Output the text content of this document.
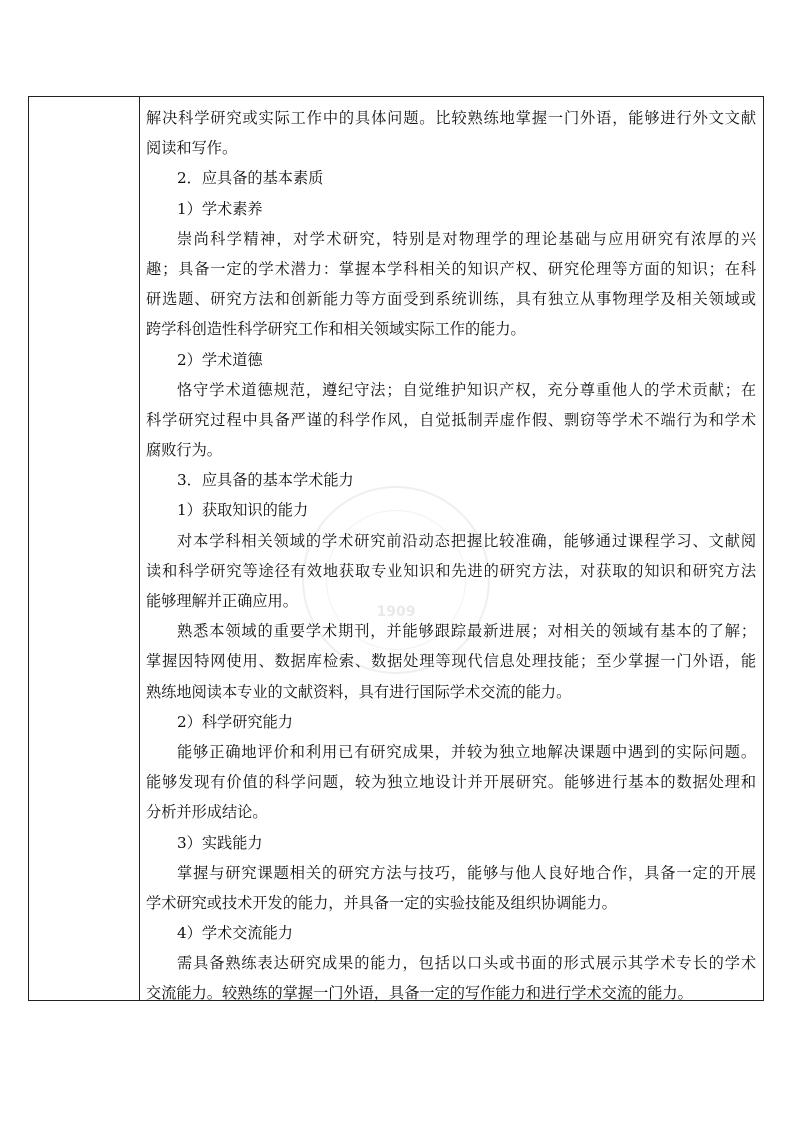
解决科学研究或实际工作中的具体问题。比较熟练地掌握一门外语，能够进行外文文献
阅读和写作。
2．应具备的基本素质
1）学术素养
崇尚科学精神，对学术研究，特别是对物理学的理论基础与应用研究有浓厚的兴
趣；具备一定的学术潜力：掌握本学科相关的知识产权、研究伦理等方面的知识；在科
研选题、研究方法和创新能力等方面受到系统训练，具有独立从事物理学及相关领域或
跨学科创造性科学研究工作和相关领域实际工作的能力。
2）学术道德
恪守学术道德规范，遵纪守法；自觉维护知识产权，充分尊重他人的学术贡献；在
科学研究过程中具备严谨的科学作风，自觉抵制弄虚作假、剽窃等学术不端行为和学术
腐败行为。
3．应具备的基本学术能力
1）获取知识的能力
对本学科相关领域的学术研究前沿动态把握比较准确，能够通过课程学习、文献阅
读和科学研究等途径有效地获取专业知识和先进的研究方法，对获取的知识和研究方法
能够理解并正确应用。
熟悉本领域的重要学术期刊，并能够跟踪最新进展；对相关的领域有基本的了解；
掌握因特网使用、数据库检索、数据处理等现代信息处理技能；至少掌握一门外语，能
熟练地阅读本专业的文献资料，具有进行国际学术交流的能力。
2）科学研究能力
能够正确地评价和利用已有研究成果，并较为独立地解决课题中遇到的实际问题。
能够发现有价值的科学问题，较为独立地设计并开展研究。能够进行基本的数据处理和
分析并形成结论。
3）实践能力
掌握与研究课题相关的研究方法与技巧，能够与他人良好地合作，具备一定的开展
学术研究或技术开发的能力，并具备一定的实验技能及组织协调能力。
4）学术交流能力
需具备熟练表达研究成果的能力，包括以口头或书面的形式展示其学术专长的学术
交流能力。较熟练的掌握一门外语，具备一定的写作能力和进行学术交流的能力。
1909
